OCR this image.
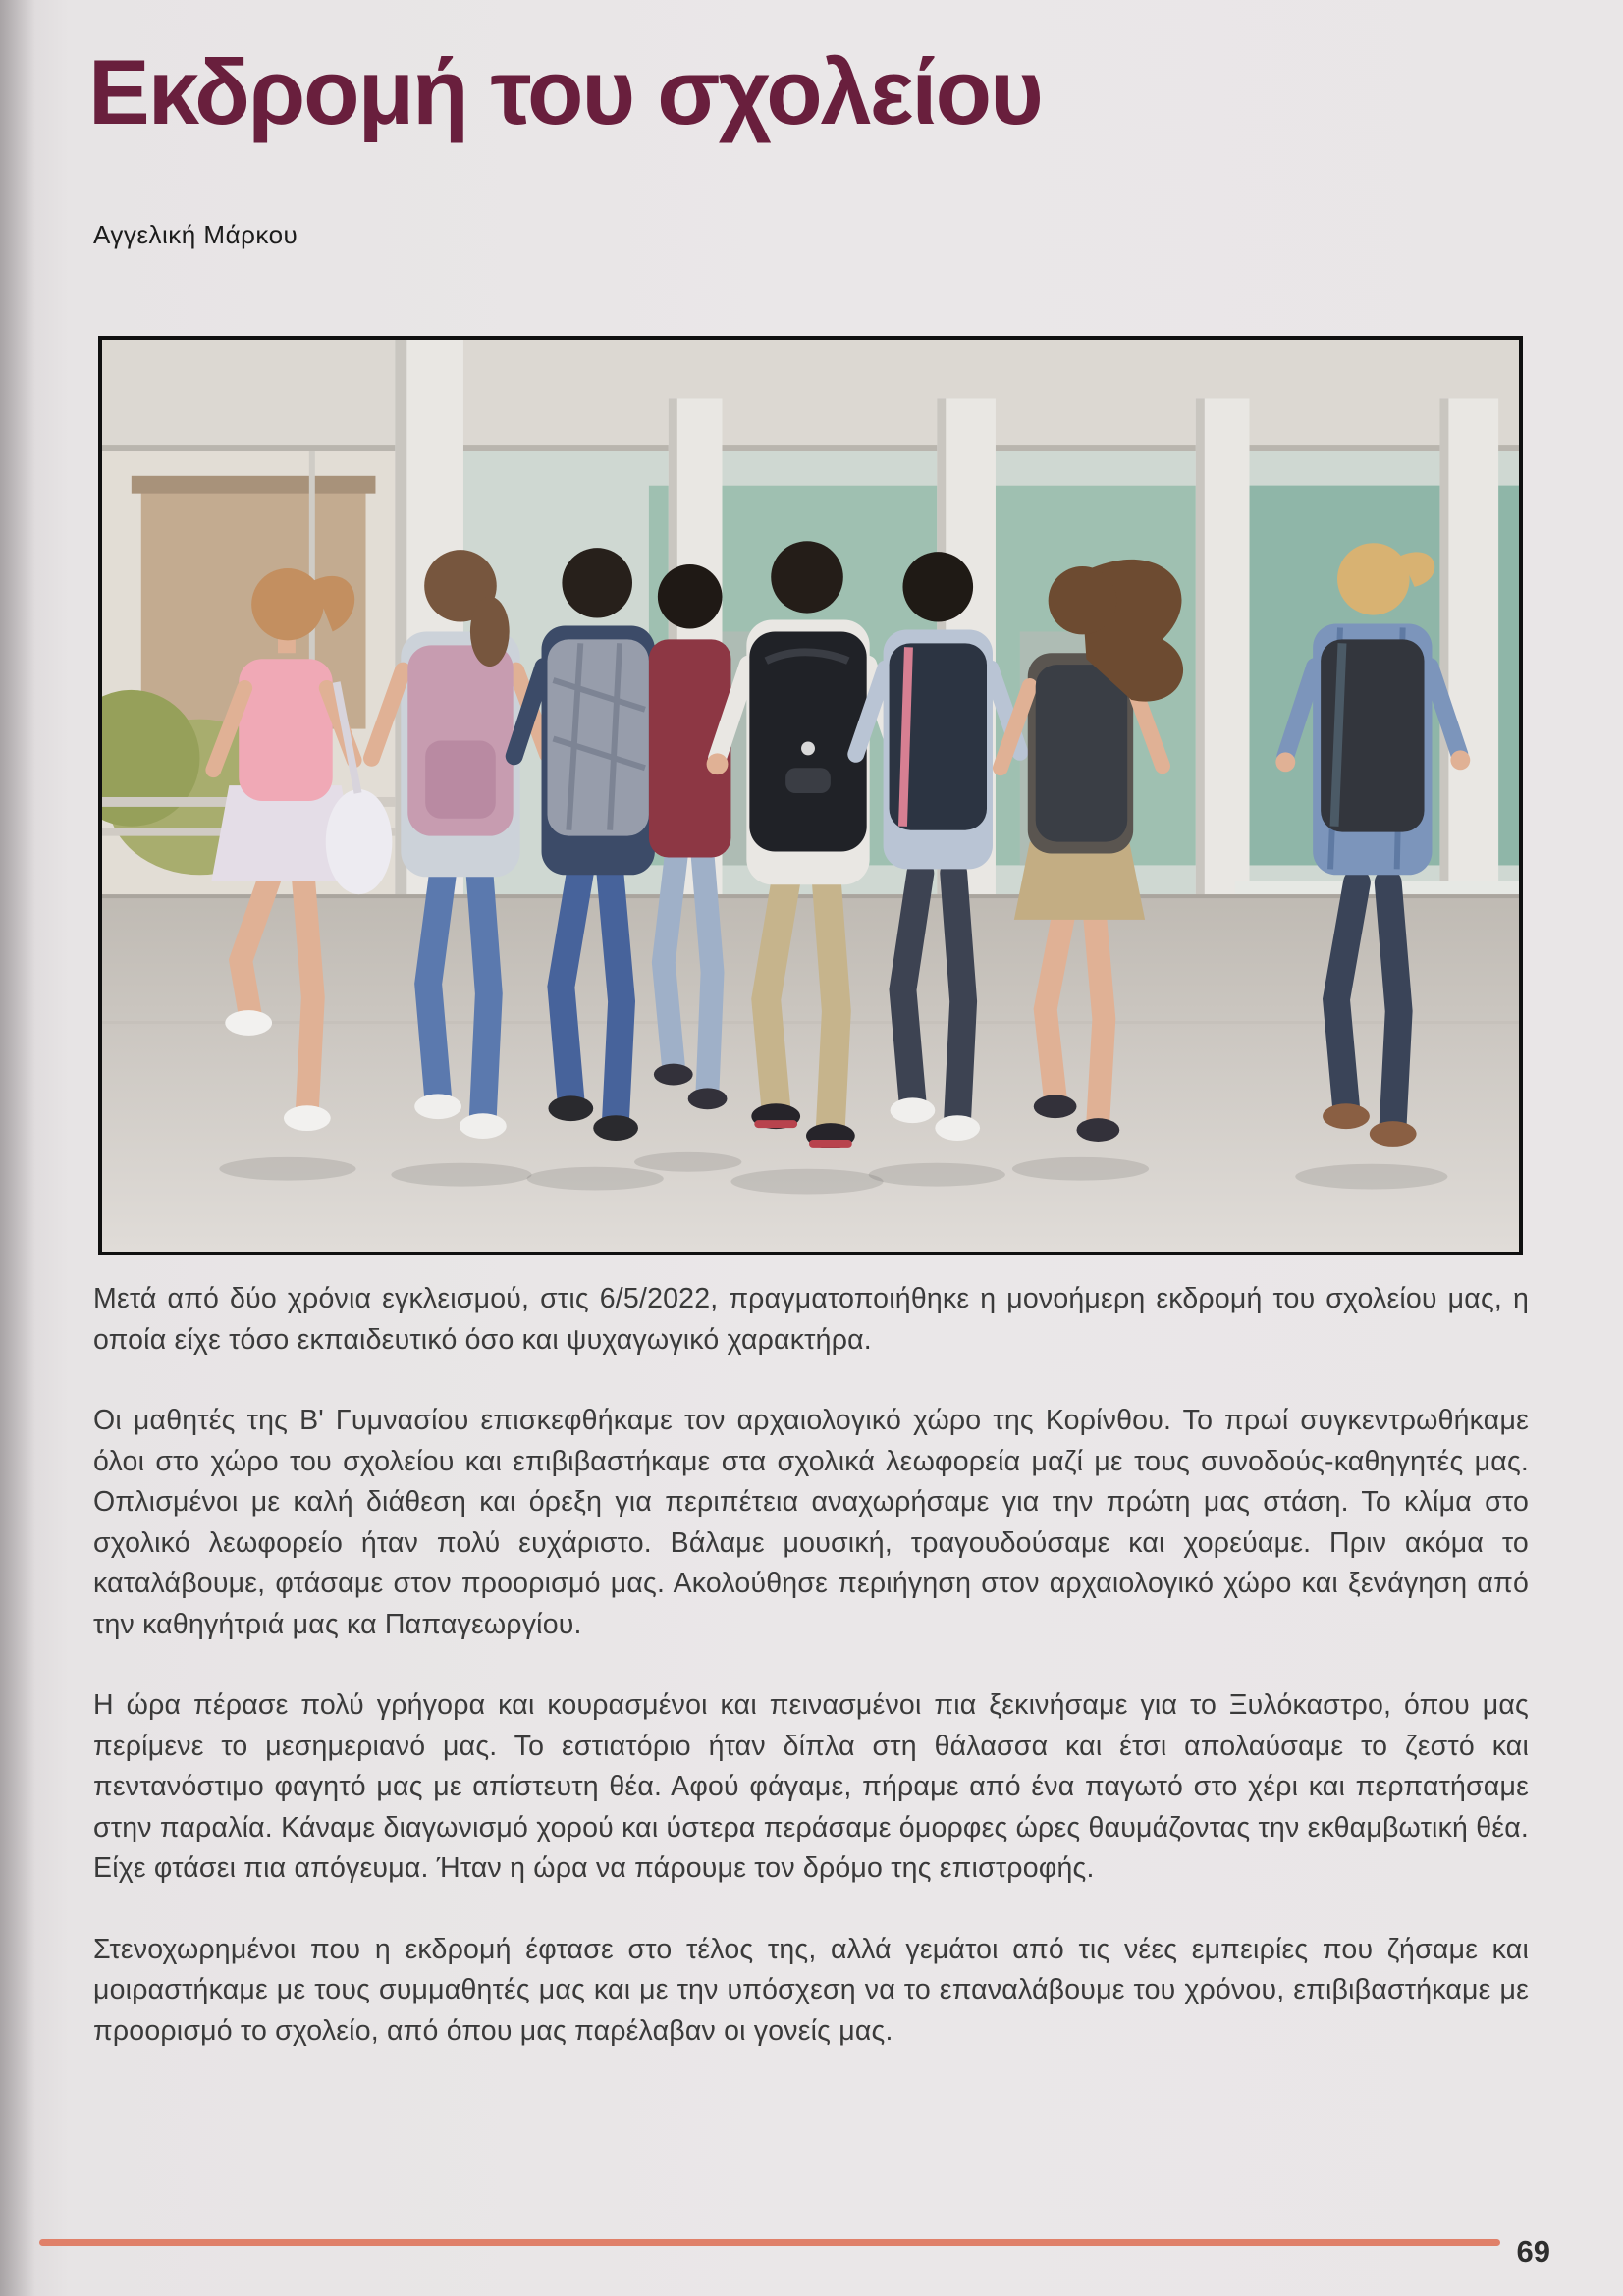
Εκδρομή του σχολείου
Αγγελική Μάρκου

Μετά από δύο χρόνια εγκλεισμού, στις 6/5/2022, πραγματοποιήθηκε η μονοήμερη εκδρομή του σχολείου μας, η οποία είχε τόσο εκπαιδευτικό όσο και ψυχαγωγικό χαρακτήρα.

Οι μαθητές της Β' Γυμνασίου επισκεφθήκαμε τον αρχαιολογικό χώρο της Κορίνθου. Το πρωί συγκεντρωθήκαμε όλοι στο χώρο του σχολείου και επιβιβαστήκαμε στα σχολικά λεωφορεία μαζί με τους συνοδούς-καθηγητές μας. Οπλισμένοι με καλή διάθεση και όρεξη για περιπέτεια αναχωρήσαμε για την πρώτη μας στάση. Το κλίμα στο σχολικό λεωφορείο ήταν πολύ ευχάριστο. Βάλαμε μουσική, τραγουδούσαμε και χορεύαμε. Πριν ακόμα το καταλάβουμε, φτάσαμε στον προορισμό μας. Ακολούθησε περιήγηση στον αρχαιολογικό χώρο και ξενάγηση από την καθηγήτριά μας κα Παπαγεωργίου.

Η ώρα πέρασε πολύ γρήγορα και κουρασμένοι και πεινασμένοι πια ξεκινήσαμε για το Ξυλόκαστρο, όπου μας περίμενε το μεσημεριανό μας. Το εστιατόριο ήταν δίπλα στη θάλασσα και έτσι απολαύσαμε το ζεστό και πεντανόστιμο φαγητό μας με απίστευτη θέα. Αφού φάγαμε, πήραμε από ένα παγωτό στο χέρι και περπατήσαμε στην παραλία. Κάναμε διαγωνισμό χορού και ύστερα περάσαμε όμορφες ώρες θαυμάζοντας την εκθαμβωτική θέα. Είχε φτάσει πια απόγευμα. Ήταν η ώρα να πάρουμε τον δρόμο της επιστροφής.

Στενοχωρημένοι που η εκδρομή έφτασε στο τέλος της, αλλά γεμάτοι από τις νέες εμπειρίες που ζήσαμε και μοιραστήκαμε με τους συμμαθητές μας και με την υπόσχεση να το επαναλάβουμε του χρόνου, επιβιβαστήκαμε με προορισμό το σχολείο, από όπου μας παρέλαβαν οι γονείς μας.

69
